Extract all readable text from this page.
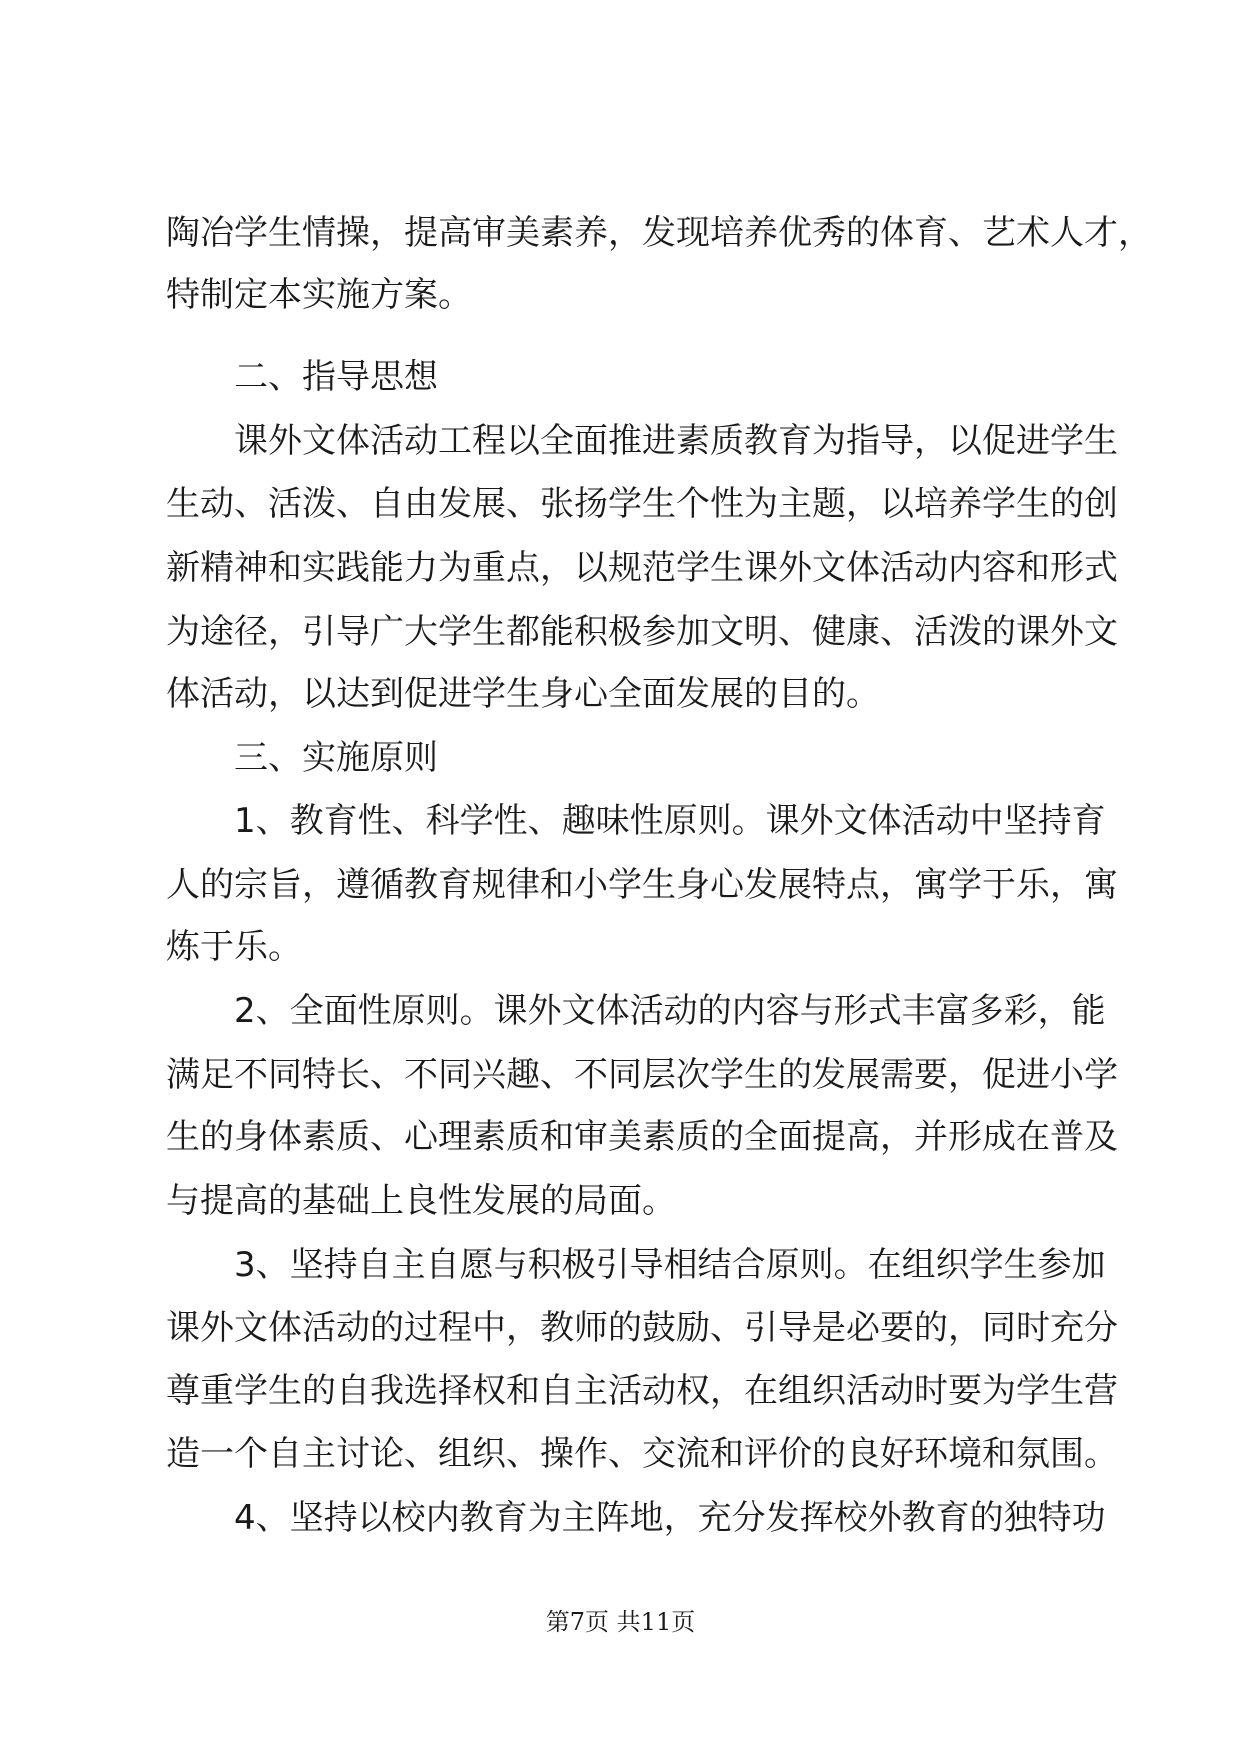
陶冶学生情操，提高审美素养，发现培养优秀的体育、艺术人才，
特制定本实施方案。
二、指导思想
课外文体活动工程以全面推进素质教育为指导，以促进学生
生动、活泼、自由发展、张扬学生个性为主题，以培养学生的创
新精神和实践能力为重点，以规范学生课外文体活动内容和形式
为途径，引导广大学生都能积极参加文明、健康、活泼的课外文
体活动，以达到促进学生身心全面发展的目的。
三、实施原则
1、教育性、科学性、趣味性原则。课外文体活动中坚持育
人的宗旨，遵循教育规律和小学生身心发展特点，寓学于乐，寓
炼于乐。
2、全面性原则。课外文体活动的内容与形式丰富多彩，能
满足不同特长、不同兴趣、不同层次学生的发展需要，促进小学
生的身体素质、心理素质和审美素质的全面提高，并形成在普及
与提高的基础上良性发展的局面。
3、坚持自主自愿与积极引导相结合原则。在组织学生参加
课外文体活动的过程中，教师的鼓励、引导是必要的，同时充分
尊重学生的自我选择权和自主活动权，在组织活动时要为学生营
造一个自主讨论、组织、操作、交流和评价的良好环境和氛围。
4、坚持以校内教育为主阵地，充分发挥校外教育的独特功
第7页 共11页
